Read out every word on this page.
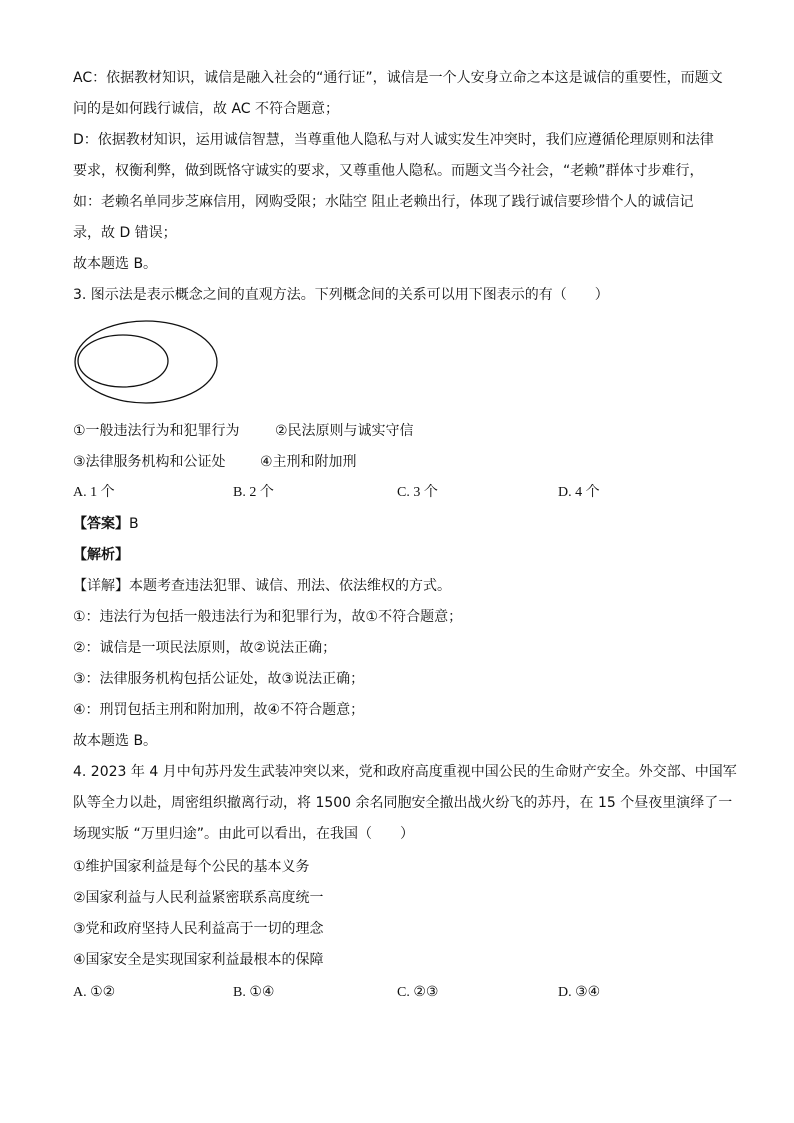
AC：依据教材知识，诚信是融入社会的“通行证”，诚信是一个人安身立命之本这是诚信的重要性，而题文
问的是如何践行诚信，故 AC 不符合题意；
D：依据教材知识，运用诚信智慧，当尊重他人隐私与对人诚实发生冲突时，我们应遵循伦理原则和法律
要求，权衡利弊，做到既恪守诚实的要求，又尊重他人隐私。而题文当今社会，“老赖”群体寸步难行，
如：老赖名单同步芝麻信用，网购受限；水陆空 阻止老赖出行，体现了践行诚信要珍惜个人的诚信记
录，故 D 错误；
故本题选 B。
3. 图示法是表示概念之间的直观方法。下列概念间的关系可以用下图表示的有（　　）
①一般违法行为和犯罪行为	②民法原则与诚实守信
③法律服务机构和公证处 ④主刑和附加刑
A. 1 个	B. 2 个	C. 3 个	D. 4 个
【答案】B
【解析】
【详解】本题考查违法犯罪、诚信、刑法、依法维权的方式。
①：违法行为包括一般违法行为和犯罪行为，故①不符合题意；
②：诚信是一项民法原则，故②说法正确；
③：法律服务机构包括公证处，故③说法正确；
④：刑罚包括主刑和附加刑，故④不符合题意；
故本题选 B。
4. 2023 年 4 月中旬苏丹发生武装冲突以来，党和政府高度重视中国公民的生命财产安全。外交部、中国军
队等全力以赴，周密组织撤离行动，将 1500 余名同胞安全撤出战火纷飞的苏丹，在 15 个昼夜里演绎了一
场现实版 “万里归途”。由此可以看出，在我国（　　）
①维护国家利益是每个公民的基本义务
②国家利益与人民利益紧密联系高度统一
③党和政府坚持人民利益高于一切的理念
④国家安全是实现国家利益最根本的保障
A. ①②	B. ①④	C. ②③	D. ③④
